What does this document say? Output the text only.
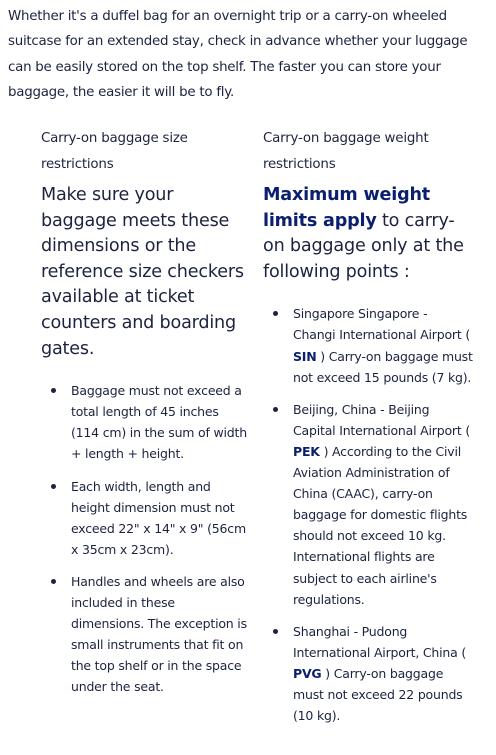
Whether it's a duffel bag for an overnight trip or a carry-on wheeled suitcase for an extended stay, check in advance whether your luggage can be easily stored on the top shelf. The faster you can store your baggage, the easier it will be to fly.

Carry-on baggage size restrictions

Make sure your baggage meets these dimensions or the reference size checkers available at ticket counters and boarding gates.
Baggage must not exceed a total length of 45 inches (114 cm) in the sum of width + length + height.
Each width, length and height dimension must not exceed 22" x 14" x 9" (56cm x 35cm x 23cm).
Handles and wheels are also included in these dimensions. The exception is small instruments that fit on the top shelf or in the space under the seat.

Carry-on baggage weight restrictions

Maximum weight limits apply to carry-on baggage only at the following points :
Singapore Singapore - Changi International Airport ( SIN ) Carry-on baggage must not exceed 15 pounds (7 kg).
Beijing, China - Beijing Capital International Airport ( PEK ) According to the Civil Aviation Administration of China (CAAC), carry-on baggage for domestic flights should not exceed 10 kg. International flights are subject to each airline's regulations.
Shanghai - Pudong International Airport, China ( PVG ) Carry-on baggage must not exceed 22 pounds (10 kg).
